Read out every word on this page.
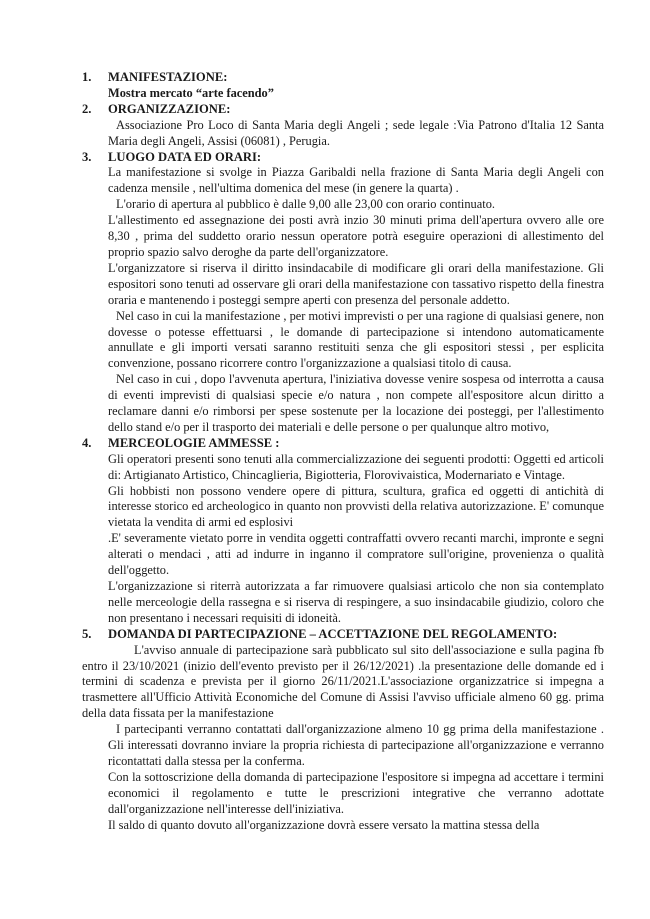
1.	MANIFESTAZIONE:
Mostra mercato “arte facendo”
2.	ORGANIZZAZIONE:

Associazione Pro Loco di Santa Maria degli Angeli ; sede legale :Via Patrono d'Italia 12 Santa Maria degli Angeli, Assisi (06081) , Perugia.

3.	LUOGO DATA ED ORARI:

La manifestazione si svolge in Piazza Garibaldi nella frazione di Santa Maria degli Angeli con cadenza mensile , nell'ultima domenica del mese (in genere la quarta) .

L'orario di apertura al pubblico è dalle 9,00 alle 23,00 con orario continuato.

L'allestimento ed assegnazione dei posti avrà inzio 30 minuti prima dell'apertura ovvero alle ore 8,30 , prima del suddetto orario nessun operatore potrà eseguire operazioni di allestimento del proprio spazio salvo deroghe da parte dell'organizzatore.

L'organizzatore si riserva il diritto insindacabile di modificare gli orari della manifestazione. Gli espositori sono tenuti ad osservare gli orari della manifestazione con tassativo rispetto della finestra oraria e mantenendo i posteggi sempre aperti con presenza del personale addetto.

Nel caso in cui la manifestazione , per motivi imprevisti o per una ragione di qualsiasi genere, non dovesse o potesse effettuarsi , le domande di partecipazione si intendono automaticamente annullate e gli importi versati saranno restituiti senza che gli espositori stessi , per esplicita convenzione, possano ricorrere contro l'organizzazione a qualsiasi titolo di causa.

Nel caso in cui , dopo l'avvenuta apertura, l'iniziativa dovesse venire sospesa od interrotta a causa di eventi imprevisti di qualsiasi specie e/o natura , non compete all'espositore alcun diritto a reclamare danni e/o rimborsi per spese sostenute per la locazione dei posteggi, per l'allestimento dello stand e/o per il trasporto dei materiali e delle persone o per qualunque altro motivo,

4.	MERCEOLOGIE AMMESSE :

Gli operatori presenti sono tenuti alla commercializzazione dei seguenti prodotti: Oggetti ed articoli di: Artigianato Artistico, Chincaglieria, Bigiotteria, Florovivaistica, Modernariato e Vintage.

Gli hobbisti non possono vendere opere di pittura, scultura, grafica ed oggetti di antichità di interesse storico ed archeologico in quanto non provvisti della relativa autorizzazione. E' comunque vietata la vendita di armi ed esplosivi

.E' severamente vietato porre in vendita oggetti contraffatti ovvero recanti marchi, impronte e segni alterati o mendaci , atti ad indurre in inganno il compratore sull'origine, provenienza o qualità dell'oggetto.

L'organizzazione si riterrà autorizzata a far rimuovere qualsiasi articolo che non sia contemplato nelle merceologie della rassegna e si riserva di respingere, a suo insindacabile giudizio, coloro che non presentano i necessari requisiti di idoneità.

5.	DOMANDA DI PARTECIPAZIONE – ACCETTAZIONE DEL REGOLAMENTO:

L'avviso annuale di partecipazione sarà pubblicato sul sito dell'associazione e sulla pagina fb entro il 23/10/2021 (inizio dell'evento previsto per il 26/12/2021) .la presentazione delle domande ed i termini di scadenza e prevista per il giorno 26/11/2021.L'associazione organizzatrice si impegna a trasmettere all'Ufficio Attività Economiche del Comune di Assisi l'avviso ufficiale almeno 60 gg. prima della data fissata per la manifestazione

I partecipanti verranno contattati dall'organizzazione almeno 10 gg prima della manifestazione . Gli interessati dovranno inviare la propria richiesta di partecipazione all'organizzazione e verranno ricontattati dalla stessa per la conferma.

Con la sottoscrizione della domanda di partecipazione l'espositore si impegna ad accettare i termini economici il regolamento e tutte le prescrizioni integrative che verranno adottate dall'organizzazione nell'interesse dell'iniziativa.

Il saldo di quanto dovuto all'organizzazione dovrà essere versato la mattina stessa della
